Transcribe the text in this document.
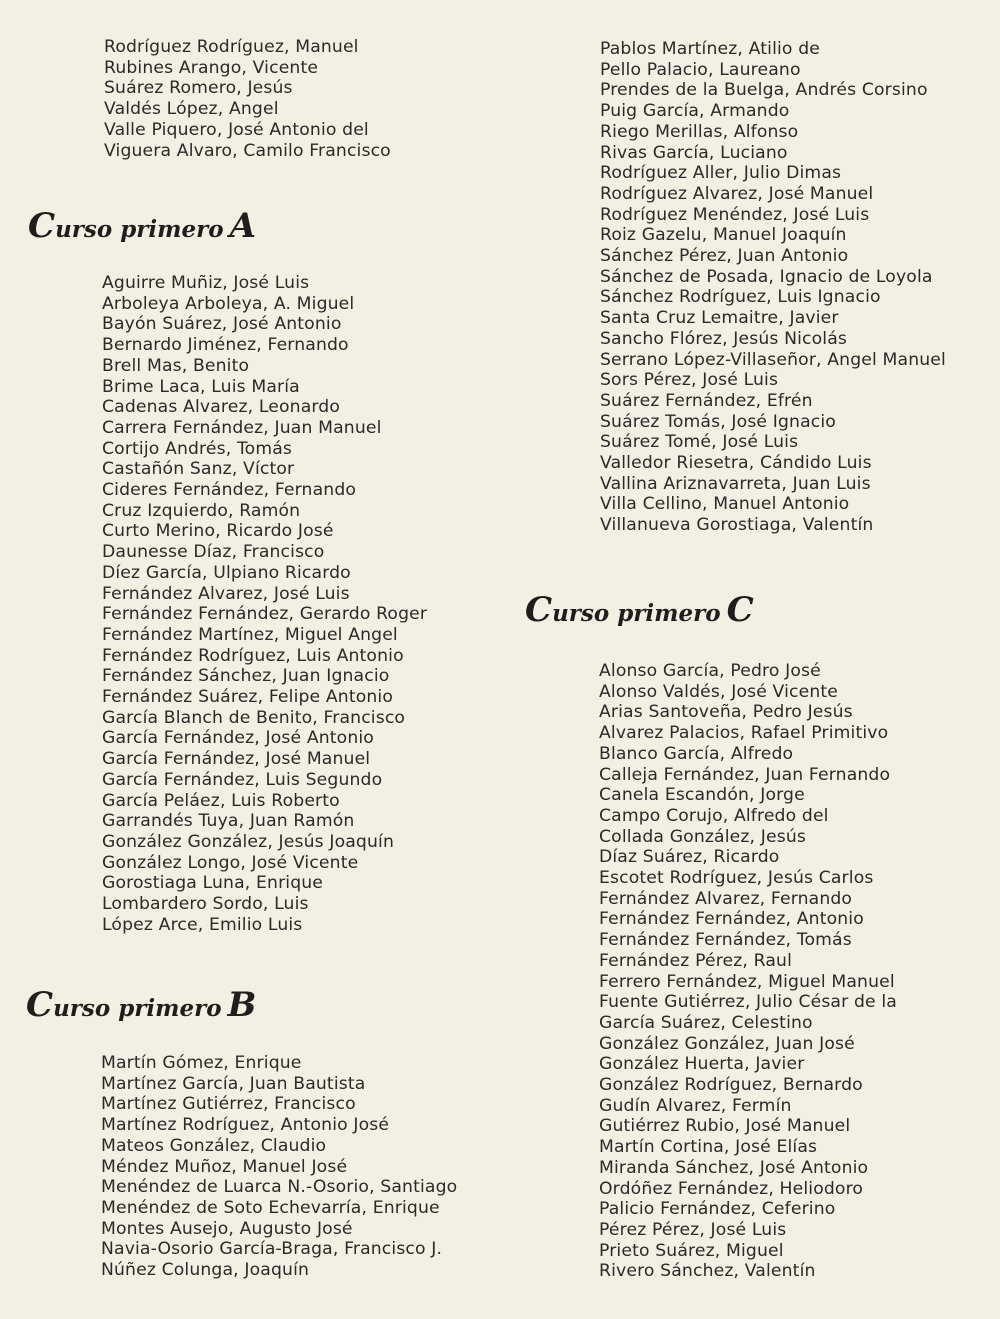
Rodríguez Rodríguez, Manuel
Rubines Arango, Vicente
Suárez Romero, Jesús
Valdés López, Angel
Valle Piquero, José Antonio del
Viguera Alvaro, Camilo Francisco
Curso primero A
Aguirre Muñiz, José Luis
Arboleya Arboleya, A. Miguel
Bayón Suárez, José Antonio
Bernardo Jiménez, Fernando
Brell Mas, Benito
Brime Laca, Luis María
Cadenas Alvarez, Leonardo
Carrera Fernández, Juan Manuel
Cortijo Andrés, Tomás
Castañón Sanz, Víctor
Cideres Fernández, Fernando
Cruz Izquierdo, Ramón
Curto Merino, Ricardo José
Daunesse Díaz, Francisco
Díez García, Ulpiano Ricardo
Fernández Alvarez, José Luis
Fernández Fernández, Gerardo Roger
Fernández Martínez, Miguel Angel
Fernández Rodríguez, Luis Antonio
Fernández Sánchez, Juan Ignacio
Fernández Suárez, Felipe Antonio
García Blanch de Benito, Francisco
García Fernández, José Antonio
García Fernández, José Manuel
García Fernández, Luis Segundo
García Peláez, Luis Roberto
Garrandés Tuya, Juan Ramón
González González, Jesús Joaquín
González Longo, José Vicente
Gorostiaga Luna, Enrique
Lombardero Sordo, Luis
López Arce, Emilio Luis
Curso primero B
Martín Gómez, Enrique
Martínez García, Juan Bautista
Martínez Gutiérrez, Francisco
Martínez Rodríguez, Antonio José
Mateos González, Claudio
Méndez Muñoz, Manuel José
Menéndez de Luarca N.-Osorio, Santiago
Menéndez de Soto Echevarría, Enrique
Montes Ausejo, Augusto José
Navia-Osorio García-Braga, Francisco J.
Núñez Colunga, Joaquín
Pablos Martínez, Atilio de
Pello Palacio, Laureano
Prendes de la Buelga, Andrés Corsino
Puig García, Armando
Riego Merillas, Alfonso
Rivas García, Luciano
Rodríguez Aller, Julio Dimas
Rodríguez Alvarez, José Manuel
Rodríguez Menéndez, José Luis
Roiz Gazelu, Manuel Joaquín
Sánchez Pérez, Juan Antonio
Sánchez de Posada, Ignacio de Loyola
Sánchez Rodríguez, Luis Ignacio
Santa Cruz Lemaitre, Javier
Sancho Flórez, Jesús Nicolás
Serrano López-Villaseñor, Angel Manuel
Sors Pérez, José Luis
Suárez Fernández, Efrén
Suárez Tomás, José Ignacio
Suárez Tomé, José Luis
Valledor Riesetra, Cándido Luis
Vallina Ariznavarreta, Juan Luis
Villa Cellino, Manuel Antonio
Villanueva Gorostiaga, Valentín
Curso primero C
Alonso García, Pedro José
Alonso Valdés, José Vicente
Arias Santoveña, Pedro Jesús
Alvarez Palacios, Rafael Primitivo
Blanco García, Alfredo
Calleja Fernández, Juan Fernando
Canela Escandón, Jorge
Campo Corujo, Alfredo del
Collada González, Jesús
Díaz Suárez, Ricardo
Escotet Rodríguez, Jesús Carlos
Fernández Alvarez, Fernando
Fernández Fernández, Antonio
Fernández Fernández, Tomás
Fernández Pérez, Raul
Ferrero Fernández, Miguel Manuel
Fuente Gutiérrez, Julio César de la
García Suárez, Celestino
González González, Juan José
González Huerta, Javier
González Rodríguez, Bernardo
Gudín Alvarez, Fermín
Gutiérrez Rubio, José Manuel
Martín Cortina, José Elías
Miranda Sánchez, José Antonio
Ordóñez Fernández, Heliodoro
Palicio Fernández, Ceferino
Pérez Pérez, José Luis
Prieto Suárez, Miguel
Rivero Sánchez, Valentín
